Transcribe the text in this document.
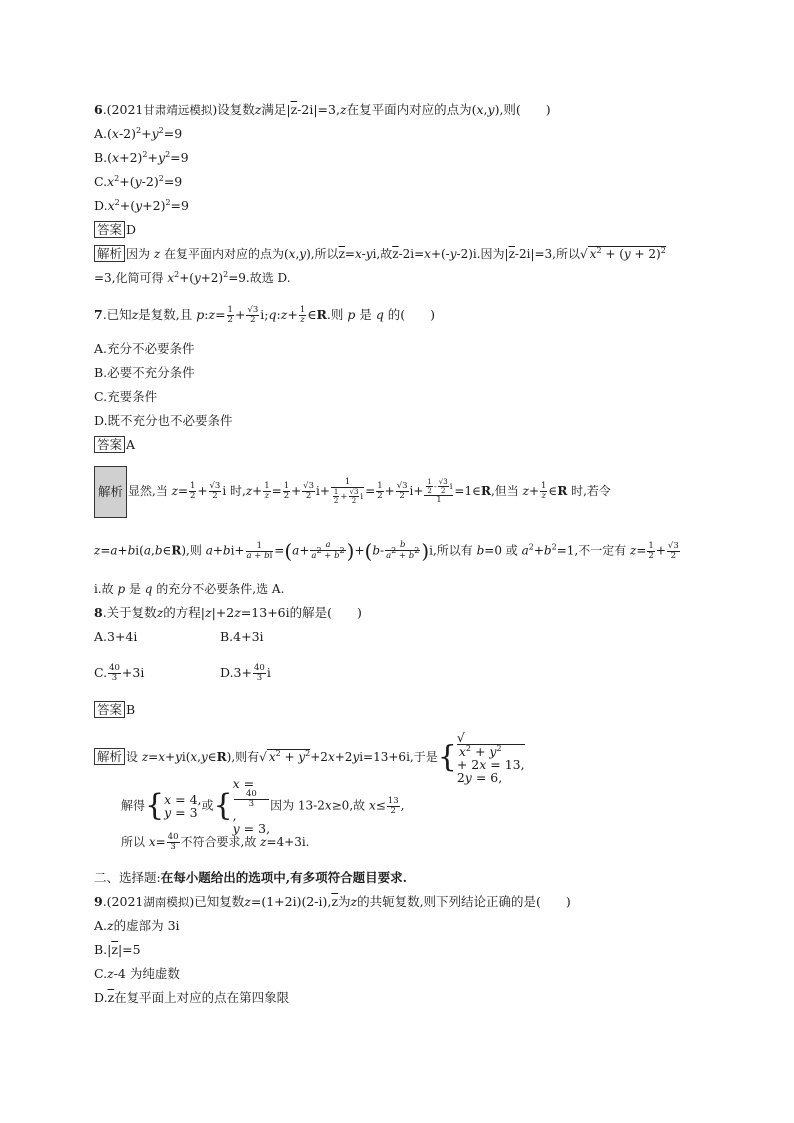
6.(2021甘肃靖远模拟)设复数z满足$|\overline{z}-2i|=3,z$在复平面内对应的点为(x,y),则(　　)
$A.(x-2)^2+y^2=9$
$B.(x+2)^2+y^2=9$
$C.x^2+(y-2)^2=9$
$D.x^2+(y+2)^2=9$
答案 D
解析 因为 z 在复平面内对应的点为(x,y),所以$\overline{z}=x-yi$,故$\overline{z}-2i=x+(-y-2)i$.因为$|\overline{z}-2i|=3$,所以√ $x^2 + (y + 2)^2$
=3,化简可得 $x^2+(y+2)^2=9$.故选 D.
7.已知z是复数,且 p:z= $\frac{1}{2} + \frac{√3}{2}$ i;q:z+ $\frac{1}{z}$ ∈R.则 p 是 q 的(　　)
A.充分不必要条件
B.必要不充分条件
C.充要条件
D.既不充分也不必要条件
答案 A
解析 显然,当 $z= \frac{1}{2} + \frac{√3}{2}$ i 时$,z+ \frac{1}{z} = \frac{1}{2} + \frac{√3}{2} i+ \frac{1}{\frac{1}{2} + \frac{√3}{2} i} = \frac{1}{2} + \frac{√3}{2} i+ \frac{\frac{1}{2} - \frac{√3}{2} i}{1}$ =1∈R,但当 $z+ \frac{1}{z}$ ∈R 时,若令
z=a+bi(a,b∈R),则 $a+bi+ \frac{1}{a + bi} =(a+ \frac{a}{a^2 + b^2} )+(b- \frac{b}{a^2 + b^2} )i$,所以有 b=0 或 $a^2+b^2=1$,不一定有 $z= \frac{1}{2} + \frac{√3}{2}$
i.故 p 是 q 的充分不必要条件,选 A.
8.关于复数z的方程|z|+2z=13+6i的解是(　　)
A.3+4i	B.4+3i
C. $\frac{40}{3} +3i$	$D.3+ \frac{40}{3}$ i
答案 B
解析 设 z=x+yi(x,y∈R),则有√ $x^2 + y^2+2x+2yi=13+6i$,于是{
√
$x^2 + y^2$
+ 2x = 13,
2y = 6,
解得{ x = 4,
y = 3 或{
x =
40
3
,
y = 3,
因为 13-2x≥0,故 $x\le \frac{13}{2}$ ,
所以 $x= \frac{40}{3}$ 不符合要求,故 z=4+3i.
二、选择题:在每小题给出的选项中,有多项符合题目要求.
9.(2021湖南模拟)已知复数$z=(1+2i)(2-i),\overline{z}$为z的共轭复数,则下列结论正确的是(　　)
A.z的虚部为 3i
$B.|\overline{z}|=5$
C.z-4 为纯虚数
$D.\overline{z}$在复平面上对应的点在第四象限
